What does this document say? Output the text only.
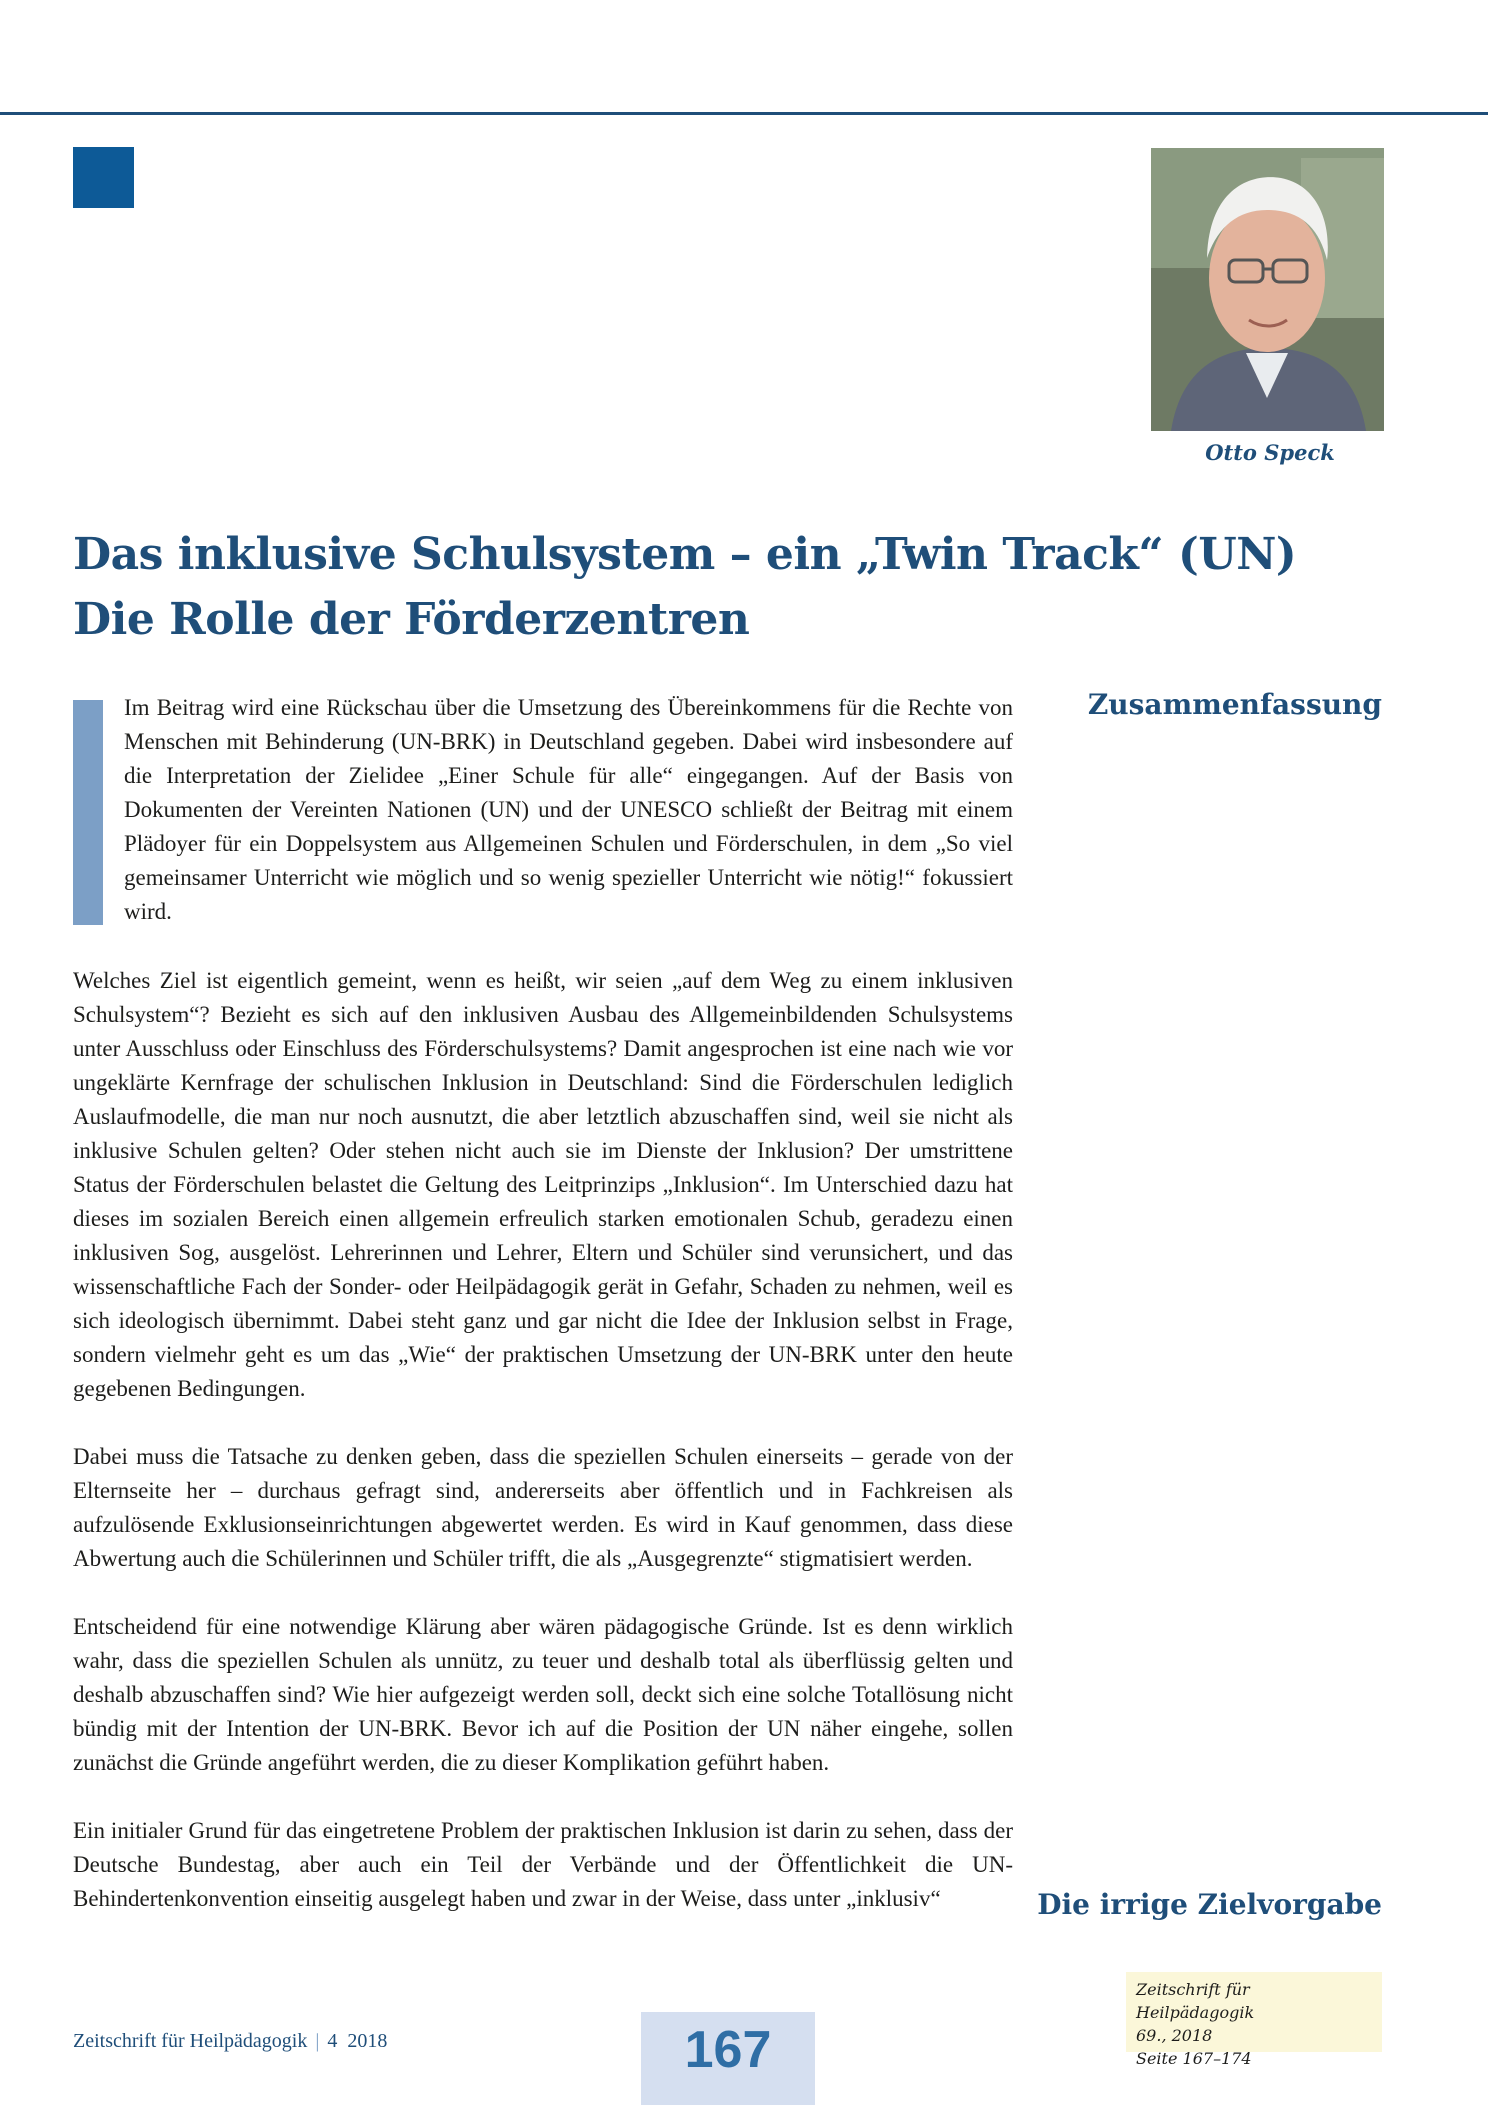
Otto Speck
Das inklusive Schulsystem – ein „Twin Track“ (UN)
Die Rolle der Förderzentren
Zusammenfassung
Im Beitrag wird eine Rückschau über die Umsetzung des Übereinkommens für die Rechte von Menschen mit Behinderung (UN-BRK) in Deutschland gegeben. Dabei wird insbesondere auf die Interpretation der Zielidee „Einer Schule für alle“ eingegangen. Auf der Basis von Dokumenten der Vereinten Nationen (UN) und der UNESCO schließt der Beitrag mit einem Plädoyer für ein Doppelsystem aus Allgemeinen Schulen und Förderschulen, in dem „So viel gemeinsamer Unterricht wie möglich und so wenig spezieller Unterricht wie nötig!“ fokussiert wird.

Welches Ziel ist eigentlich gemeint, wenn es heißt, wir seien „auf dem Weg zu einem inklusiven Schulsystem“? Bezieht es sich auf den inklusiven Ausbau des Allgemeinbildenden Schulsystems unter Ausschluss oder Einschluss des Förderschulsystems? Damit angesprochen ist eine nach wie vor ungeklärte Kernfrage der schulischen Inklusion in Deutschland: Sind die Förderschulen lediglich Auslaufmodelle, die man nur noch ausnutzt, die aber letztlich abzuschaffen sind, weil sie nicht als inklusive Schulen gelten? Oder stehen nicht auch sie im Dienste der Inklusion? Der umstrittene Status der Förderschulen belastet die Geltung des Leitprinzips „Inklusion“. Im Unterschied dazu hat dieses im sozialen Bereich einen allgemein erfreulich starken emotionalen Schub, geradezu einen inklusiven Sog, ausgelöst. Lehrerinnen und Lehrer, Eltern und Schüler sind verunsichert, und das wissenschaftliche Fach der Sonder- oder Heilpädagogik gerät in Gefahr, Schaden zu nehmen, weil es sich ideologisch übernimmt. Dabei steht ganz und gar nicht die Idee der Inklusion selbst in Frage, sondern vielmehr geht es um das „Wie“ der praktischen Umsetzung der UN-BRK unter den heute gegebenen Bedingungen.

Dabei muss die Tatsache zu denken geben, dass die speziellen Schulen einerseits – gerade von der Elternseite her – durchaus gefragt sind, andererseits aber öffentlich und in Fachkreisen als aufzulösende Exklusionseinrichtungen abgewertet werden. Es wird in Kauf genommen, dass diese Abwertung auch die Schülerinnen und Schüler trifft, die als „Ausgegrenzte“ stigmatisiert werden.

Entscheidend für eine notwendige Klärung aber wären pädagogische Gründe. Ist es denn wirklich wahr, dass die speziellen Schulen als unnütz, zu teuer und deshalb total als überflüssig gelten und deshalb abzuschaffen sind? Wie hier aufgezeigt werden soll, deckt sich eine solche Totallösung nicht bündig mit der Intention der UN-BRK. Bevor ich auf die Position der UN näher eingehe, sollen zunächst die Gründe angeführt werden, die zu dieser Komplikation geführt haben.

Ein initialer Grund für das eingetretene Problem der praktischen Inklusion ist darin zu sehen, dass der Deutsche Bundestag, aber auch ein Teil der Verbände und der Öffentlichkeit die UN-Behindertenkonvention einseitig ausgelegt haben und zwar in der Weise, dass unter „inklusiv“	Die irrige Zielvorgabe
Zeitschrift für Heilpädagogik
69., 2018
Seite 167–174
Zeitschrift für Heilpädagogik | 4  2018	167
